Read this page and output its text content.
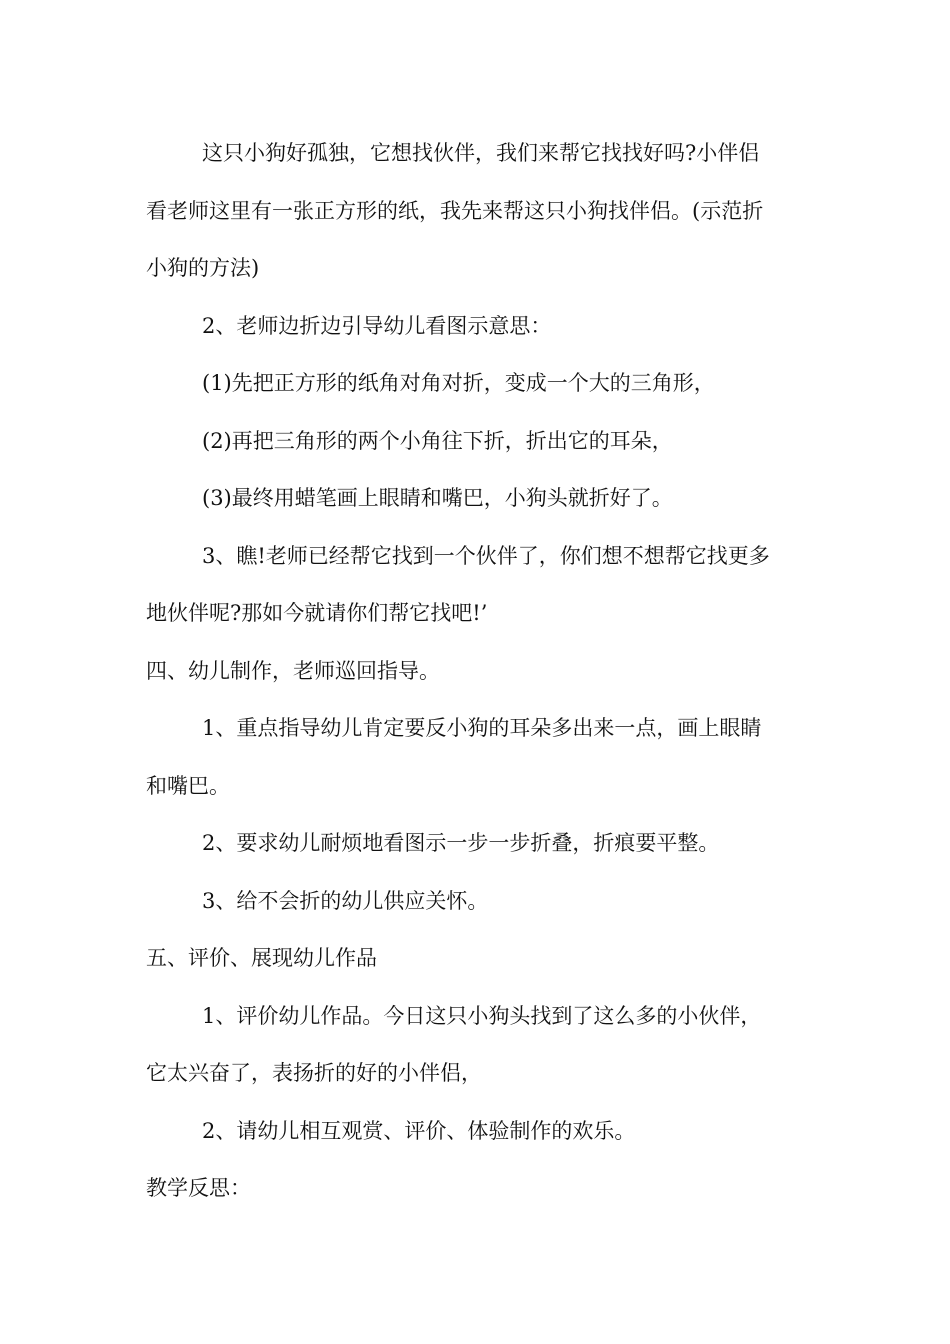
这只小狗好孤独，它想找伙伴，我们来帮它找找好吗?小伴侣
看老师这里有一张正方形的纸，我先来帮这只小狗找伴侣。(示范折
小狗的方法)
2、老师边折边引导幼儿看图示意思：
(1)先把正方形的纸角对角对折，变成一个大的三角形，
(2)再把三角形的两个小角往下折，折出它的耳朵，
(3)最终用蜡笔画上眼睛和嘴巴，小狗头就折好了。
3、瞧!老师已经帮它找到一个伙伴了，你们想不想帮它找更多
地伙伴呢?那如今就请你们帮它找吧!’
四、幼儿制作，老师巡回指导。
1、重点指导幼儿肯定要反小狗的耳朵多出来一点，画上眼睛
和嘴巴。
2、要求幼儿耐烦地看图示一步一步折叠，折痕要平整。
3、给不会折的幼儿供应关怀。
五、评价、展现幼儿作品
1、评价幼儿作品。今日这只小狗头找到了这么多的小伙伴，
它太兴奋了，表扬折的好的小伴侣，
2、请幼儿相互观赏、评价、体验制作的欢乐。
教学反思：
